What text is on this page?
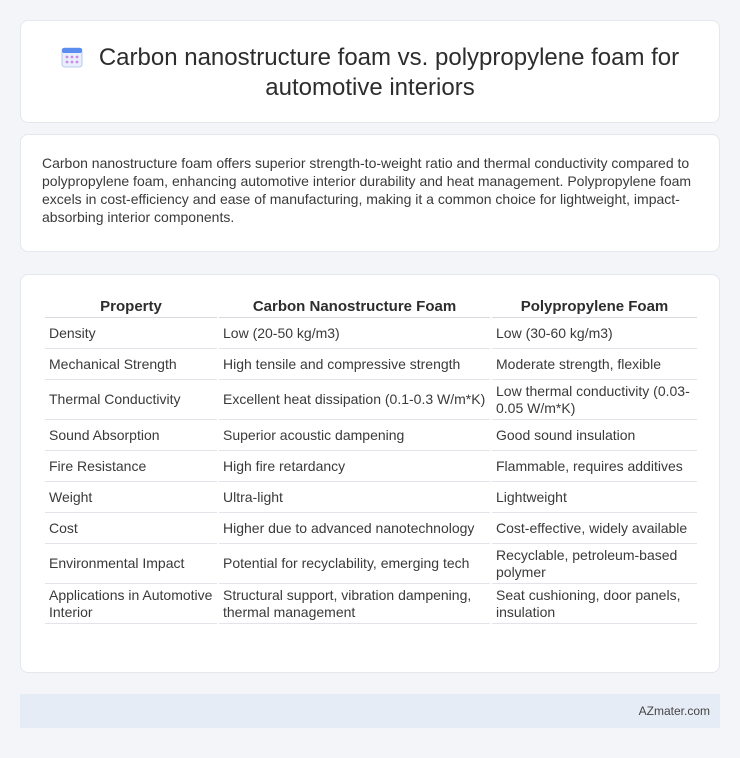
Carbon nanostructure foam vs. polypropylene foam for automotive interiors

Carbon nanostructure foam offers superior strength-to-weight ratio and thermal conductivity compared to polypropylene foam, enhancing automotive interior durability and heat management. Polypropylene foam excels in cost-efficiency and ease of manufacturing, making it a common choice for lightweight, impact-absorbing interior components.

Property	Carbon Nanostructure Foam	Polypropylene Foam
Density	Low (20-50 kg/m3)	Low (30-60 kg/m3)
Mechanical Strength	High tensile and compressive strength	Moderate strength, flexible
Thermal Conductivity	Excellent heat dissipation (0.1-0.3 W/m*K)	Low thermal conductivity (0.03-0.05 W/m*K)
Sound Absorption	Superior acoustic dampening	Good sound insulation
Fire Resistance	High fire retardancy	Flammable, requires additives
Weight	Ultra-light	Lightweight
Cost	Higher due to advanced nanotechnology	Cost-effective, widely available
Environmental Impact	Potential for recyclability, emerging tech	Recyclable, petroleum-based polymer
Applications in Automotive Interior	Structural support, vibration dampening, thermal management	Seat cushioning, door panels, insulation
AZmater.com
